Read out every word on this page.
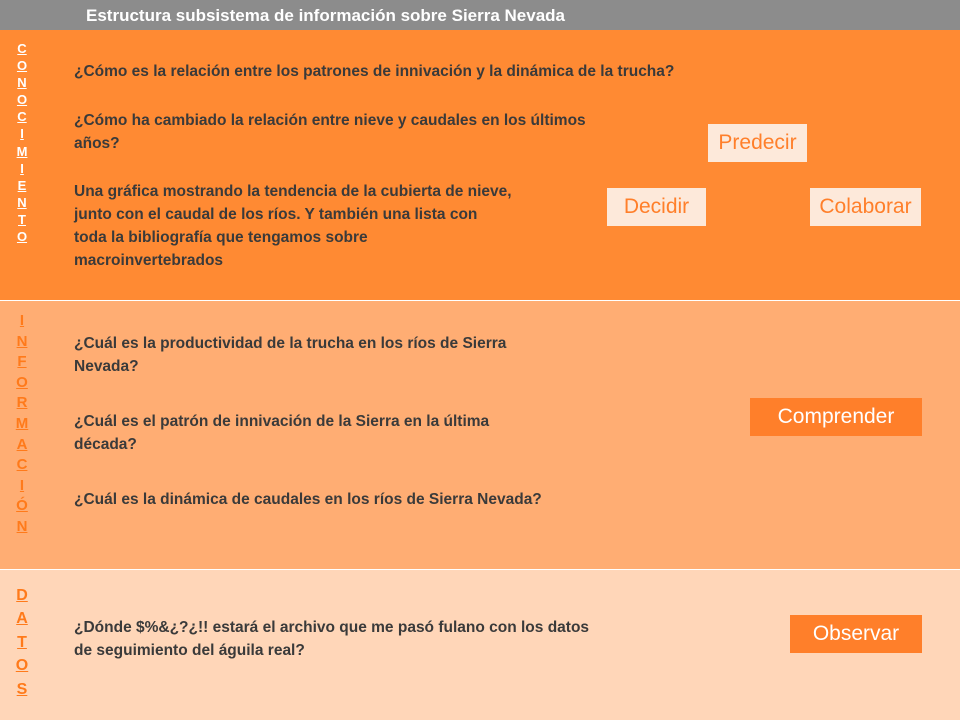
Estructura subsistema de información sobre Sierra Nevada
C
O
N
O
C
I
M
I
E
N
T
O
¿Cómo es la relación entre los patrones de innivación y la dinámica de la trucha?
¿Cómo ha cambiado la relación entre nieve y caudales en los últimos años?
Una gráfica mostrando la tendencia de la cubierta de nieve, junto con el caudal de los ríos. Y también una lista con toda la bibliografía que tengamos sobre macroinvertebrados
Predecir
Decidir	Colaborar
I
N
F
O
R
M
A
C
I
Ó
N
¿Cuál es la productividad de la trucha en los ríos de Sierra Nevada?
¿Cuál es el patrón de innivación de la Sierra en la última década?
¿Cuál es la dinámica de caudales en los ríos de Sierra Nevada?
Comprender
D
A
T
O
S
¿Dónde $%&¿?¿!! estará el archivo que me pasó fulano con los datos de seguimiento del águila real?
Observar
